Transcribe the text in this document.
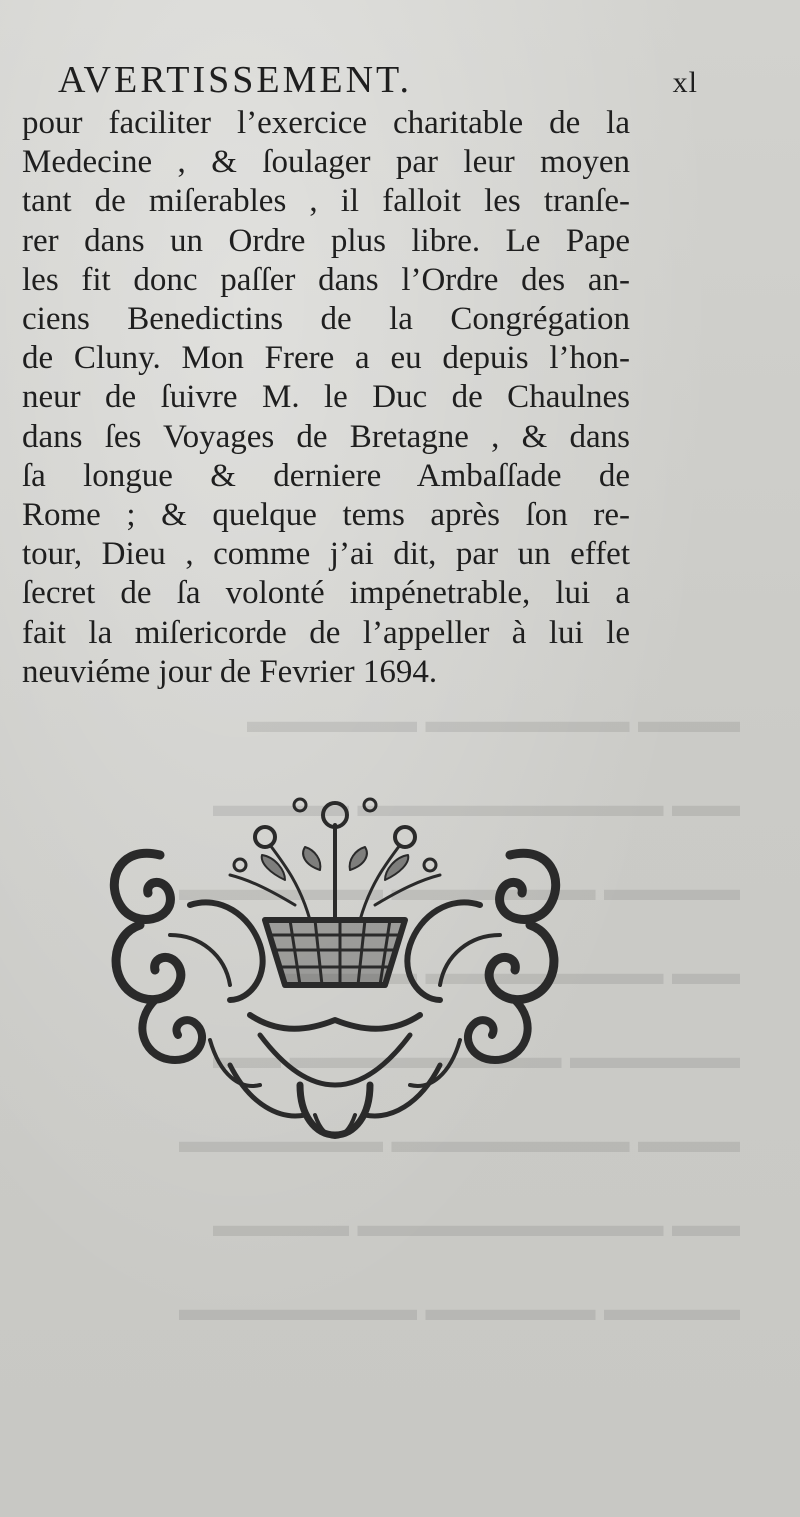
▬▬▬ ▬▬▬▬▬▬ ▬▬▬▬▬
▬▬ ▬▬▬▬▬▬▬▬▬ ▬▬▬▬
▬▬▬▬ ▬▬▬▬▬▬ ▬▬▬▬▬▬
▬▬ ▬▬▬▬▬▬▬ ▬▬▬▬
▬▬▬▬▬ ▬▬▬▬▬▬▬▬ ▬▬
▬▬▬ ▬▬▬▬▬▬▬ ▬▬▬▬▬▬
▬▬ ▬▬▬▬▬▬▬▬▬ ▬▬▬▬
▬▬▬▬ ▬▬▬▬▬ ▬▬▬▬▬▬▬
AVERTISSEMENT.	xl
pour faciliter l’exercice charitable de la
Medecine , & ſoulager par leur moyen
tant de miſerables , il falloit les tranſe-
rer dans un Ordre plus libre. Le Pape
les fit donc paſſer dans l’Ordre des an-
ciens Benedictins de la Congrégation
de Cluny. Mon Frere a eu depuis l’hon-
neur de ſuivre M. le Duc de Chaulnes
dans ſes Voyages de Bretagne , & dans
ſa longue & derniere Ambaſſade de
Rome ; & quelque tems après ſon re-
tour, Dieu , comme j’ai dit, par un effet
ſecret de ſa volonté impénetrable, lui a
fait la miſericorde de l’appeller à lui le
neuviéme jour de Fevrier 1694.
